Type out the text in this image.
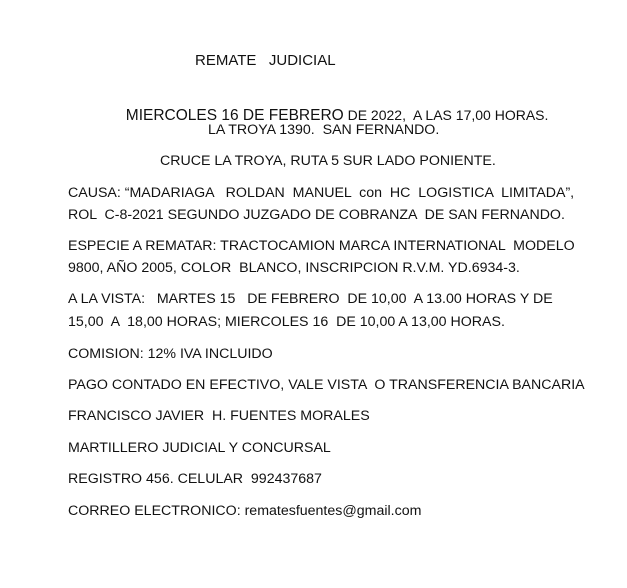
REMATE   JUDICIAL

MIERCOLES 16 DE FEBRERO DE 2022,  A LAS 17,00 HORAS.

LA TROYA 1390.  SAN FERNANDO.
CRUCE LA TROYA, RUTA 5 SUR LADO PONIENTE.
CAUSA: “MADARIAGA   ROLDAN  MANUEL  con  HC  LOGISTICA  LIMITADA”,
ROL  C-8-2021 SEGUNDO JUZGADO DE COBRANZA  DE SAN FERNANDO.
ESPECIE A REMATAR: TRACTOCAMION MARCA INTERNATIONAL  MODELO
9800, AÑO 2005, COLOR  BLANCO, INSCRIPCION R.V.M. YD.6934-3.
A LA VISTA:   MARTES 15   DE FEBRERO  DE 10,00  A 13.00 HORAS Y DE
15,00  A  18,00 HORAS; MIERCOLES 16  DE 10,00 A 13,00 HORAS.
COMISION: 12% IVA INCLUIDO
PAGO CONTADO EN EFECTIVO, VALE VISTA  O TRANSFERENCIA BANCARIA
FRANCISCO JAVIER  H. FUENTES MORALES
MARTILLERO JUDICIAL Y CONCURSAL
REGISTRO 456. CELULAR  992437687
CORREO ELECTRONICO: rematesfuentes@gmail.com
